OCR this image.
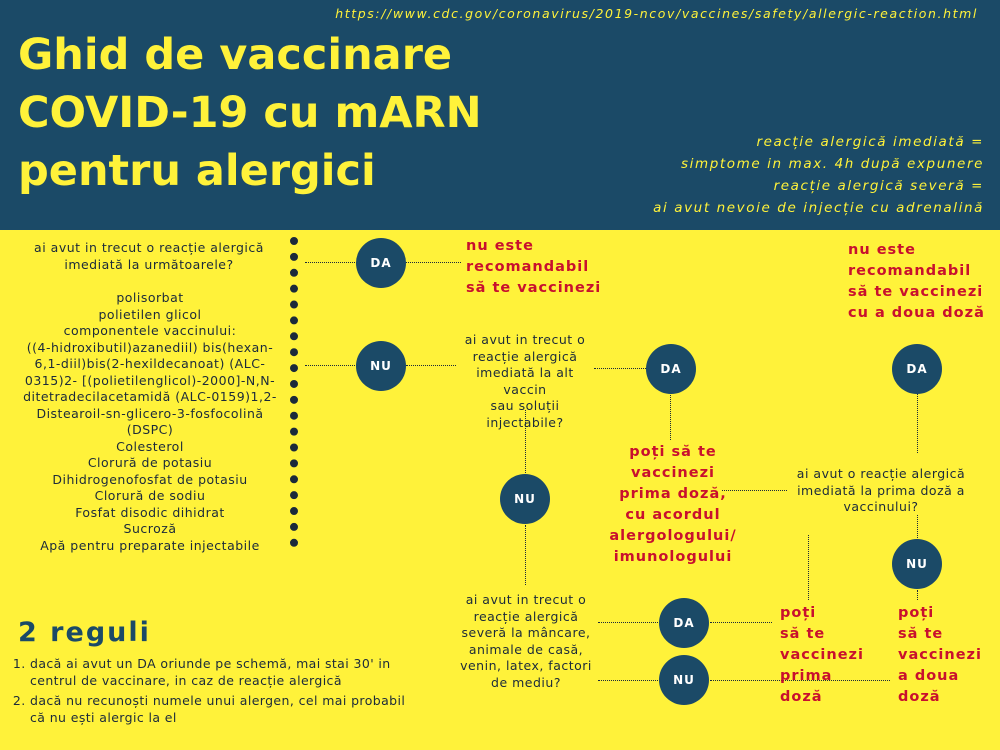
https://www.cdc.gov/coronavirus/2019-ncov/vaccines/safety/allergic-reaction.html
Ghid de vaccinare
COVID-19 cu mARN
pentru alergici
reacție alergică imediată =
simptome in max. 4h după expunere
reacție alergică severă =
ai avut nevoie de injecție cu adrenalină
ai avut in trecut o reacție alergică
imediată la următoarele?
polisorbat
polietilen glicol
componentele vaccinului:
((4-hidroxibutil)azanediil) bis(hexan-
6,1-diil)bis(2-hexildecanoat) (ALC-
0315)2- [(polietilenglicol)-2000]-N,N-
ditetradecilacetamidă (ALC-0159)1,2-
Distearoil-sn-glicero-3-fosfocolină
(DSPC)
Colesterol
Clorură de potasiu
Dihidrogenofosfat de potasiu
Clorură de sodiu
Fosfat disodic dihidrat
Sucroză
Apă pentru preparate injectabile
DA
NU	DA	DA
NU
NU
DA
NU
nu este
recomandabil
să te vaccinezi
nu este
recomandabil
să te vaccinezi
cu a doua doză
ai avut in trecut o
reacție alergică
imediată la alt vaccin
sau soluții
injectabile?
poți să te
vaccinezi
prima doză,
cu acordul
alergologului/
imunologului
ai avut o reacție alergică
imediată la prima doză a
vaccinului?
ai avut in trecut o
reacție alergică
severă la mâncare,
animale de casă,
venin, latex, factori
de mediu?
poți
să te
vaccinezi
prima
doză
poți
să te
vaccinezi
a doua
doză
2 reguli
1. dacă ai avut un DA oriunde pe schemă, mai stai 30' in centrul de vaccinare, in caz de reacție alergică
2. dacă nu recunoști numele unui alergen, cel mai probabil că nu ești alergic la el
